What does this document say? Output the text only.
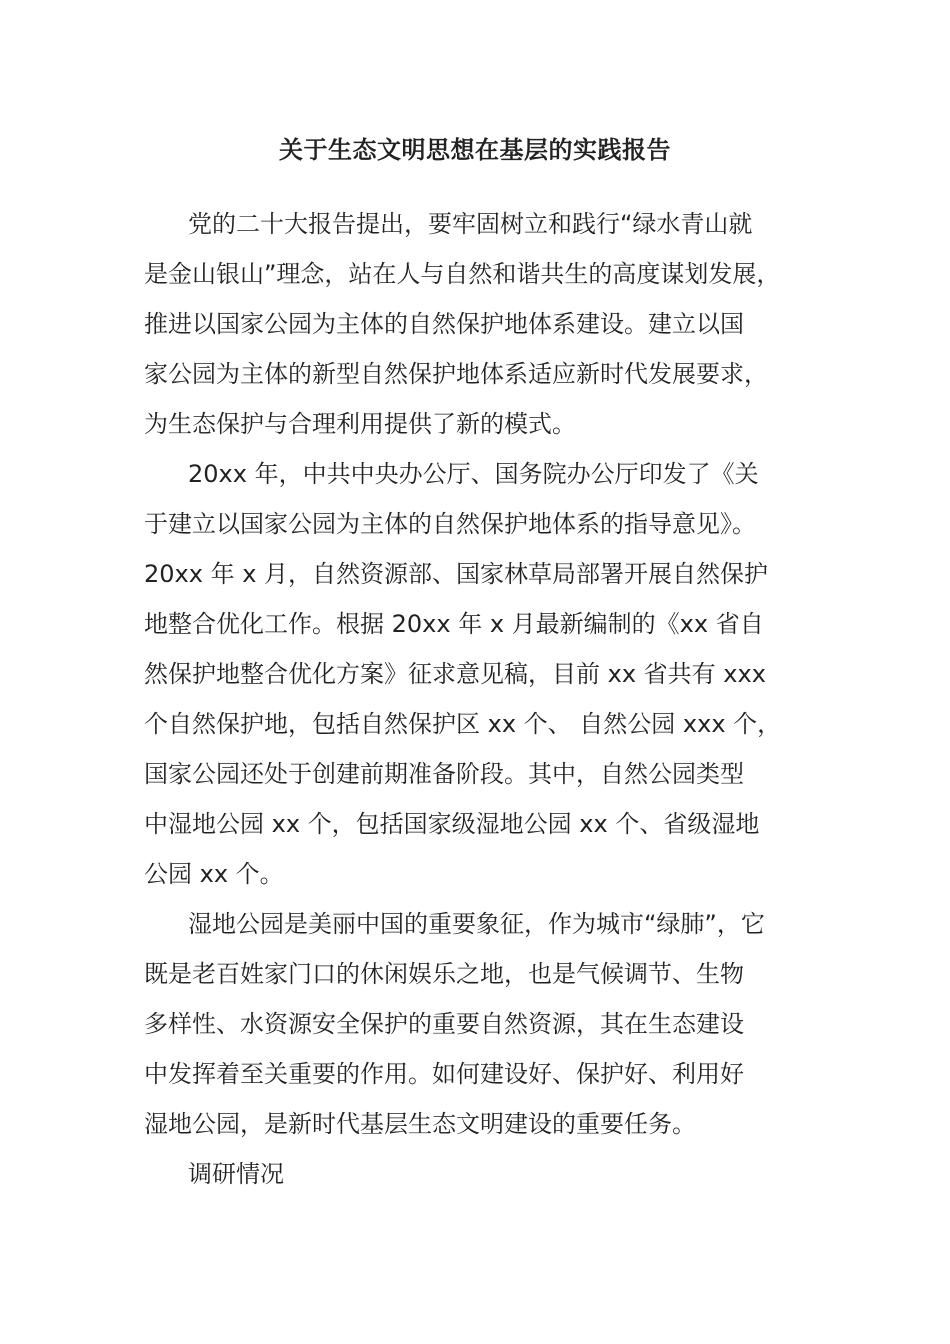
关于生态文明思想在基层的实践报告
党的二十大报告提出，要牢固树立和践行“绿水青山就
是金山银山”理念，站在人与自然和谐共生的高度谋划发展，
推进以国家公园为主体的自然保护地体系建设。建立以国
家公园为主体的新型自然保护地体系适应新时代发展要求，
为生态保护与合理利用提供了新的模式。
20xx 年，中共中央办公厅、国务院办公厅印发了《关
于建立以国家公园为主体的自然保护地体系的指导意见》。
20xx 年 x 月，自然资源部、国家林草局部署开展自然保护
地整合优化工作。根据 20xx 年 x 月最新编制的《xx 省自
然保护地整合优化方案》征求意见稿，目前 xx 省共有 xxx
个自然保护地，包括自然保护区 xx 个、 自然公园 xxx 个，
国家公园还处于创建前期准备阶段。其中，自然公园类型
中湿地公园 xx 个，包括国家级湿地公园 xx 个、省级湿地
公园 xx 个。
湿地公园是美丽中国的重要象征，作为城市“绿肺”，它
既是老百姓家门口的休闲娱乐之地，也是气候调节、生物
多样性、水资源安全保护的重要自然资源，其在生态建设
中发挥着至关重要的作用。如何建设好、保护好、利用好
湿地公园，是新时代基层生态文明建设的重要任务。
调研情况
